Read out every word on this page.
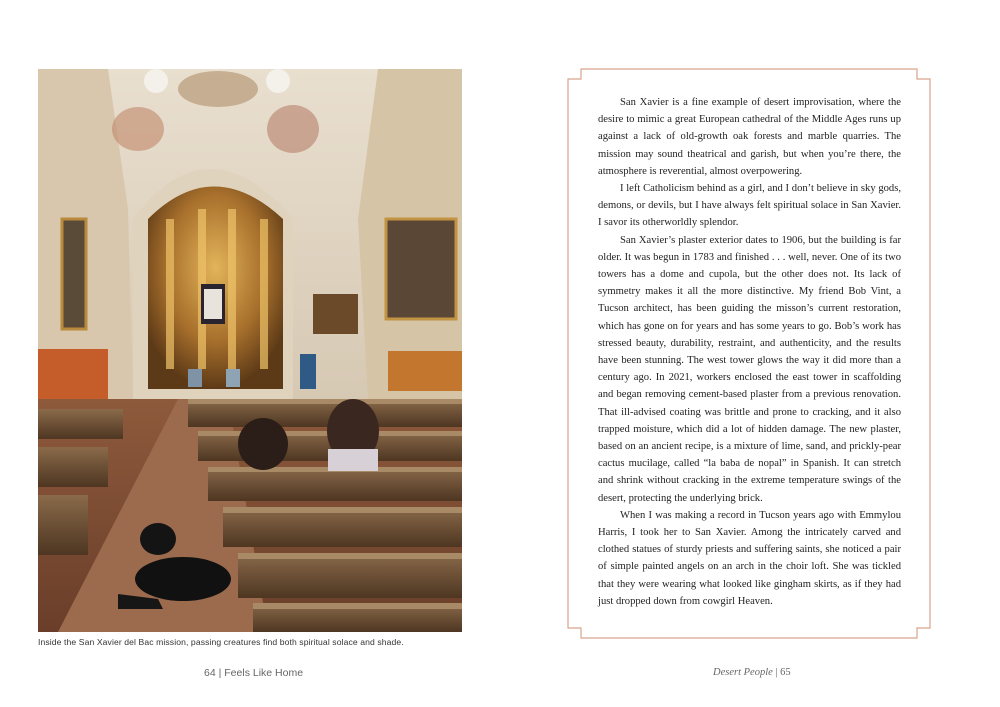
Inside the San Xavier del Bac mission, passing creatures find both spiritual solace and shade.
64 | Feels Like Home

San Xavier is a fine example of desert improvisation, where the desire to mimic a great European cathedral of the Middle Ages runs up against a lack of old-growth oak forests and marble quarries. The mission may sound theatrical and garish, but when you’re there, the atmosphere is reverential, almost overpowering.

I left Catholicism behind as a girl, and I don’t believe in sky gods, demons, or devils, but I have always felt spiritual solace in San Xavier. I savor its otherworldly splendor.

San Xavier’s plaster exterior dates to 1906, but the building is far older. It was begun in 1783 and finished . . . well, never. One of its two towers has a dome and cupola, but the other does not. Its lack of symmetry makes it all the more distinctive. My friend Bob Vint, a Tucson architect, has been guiding the misson’s current restoration, which has gone on for years and has some years to go. Bob’s work has stressed beauty, durability, restraint, and authenticity, and the results have been stunning. The west tower glows the way it did more than a century ago. In 2021, workers enclosed the east tower in scaffolding and began removing cement-based plaster from a previous renovation. That ill-advised coating was brittle and prone to cracking, and it also trapped moisture, which did a lot of hidden damage. The new plaster, based on an ancient recipe, is a mixture of lime, sand, and prickly-pear cactus mucilage, called “la baba de nopal” in Spanish. It can stretch and shrink without cracking in the extreme temperature swings of the desert, protecting the underlying brick.

When I was making a record in Tucson years ago with Emmylou Harris, I took her to San Xavier. Among the intricately carved and clothed statues of sturdy priests and suffering saints, she noticed a pair of simple painted angels on an arch in the choir loft. She was tickled that they were wearing what looked like gingham skirts, as if they had just dropped down from cowgirl Heaven.

Desert People | 65
